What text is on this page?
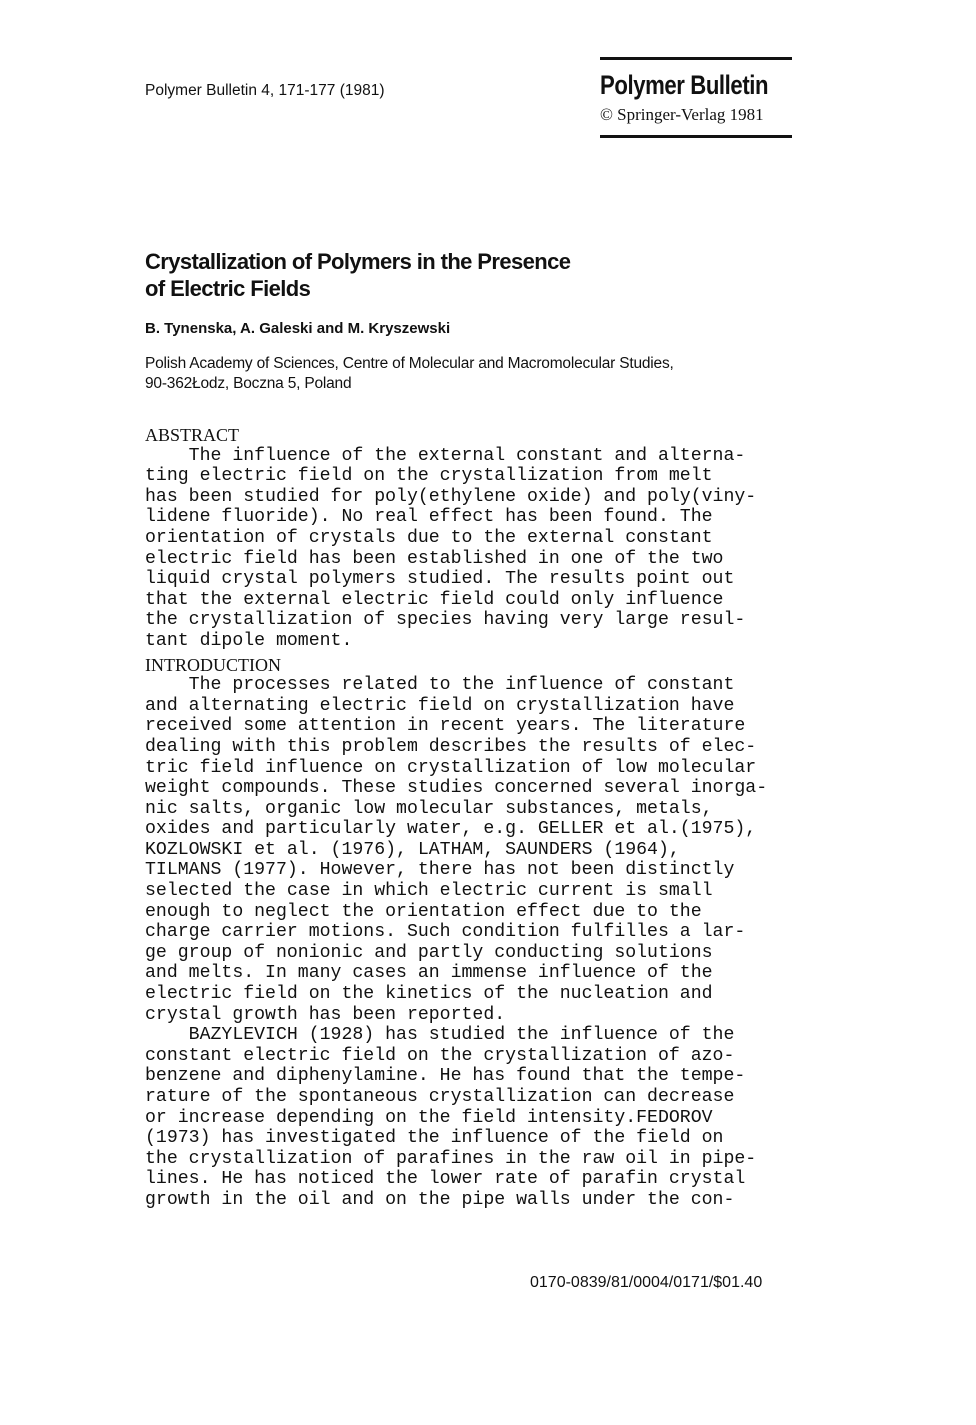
Polymer Bulletin 4, 171-177 (1981)	Polymer Bulletin
© Springer-Verlag 1981
Crystallization of Polymers in the Presence
of Electric Fields
B. Tynenska, A. Galeski and M. Kryszewski
Polish Academy of Sciences, Centre of Molecular and Macromolecular Studies,
90-362Łodz, Boczna 5, Poland
ABSTRACT
The influence of the external constant and alterna-
ting electric field on the crystallization from melt
has been studied for poly(ethylene oxide) and poly(viny-
lidene fluoride). No real effect has been found. The
orientation of crystals due to the external constant
electric field has been established in one of the two
liquid crystal polymers studied. The results point out
that the external electric field could only influence
the crystallization of species having very large resul-
tant dipole moment.
INTRODUCTION
The processes related to the influence of constant
and alternating electric field on crystallization have
received some attention in recent years. The literature
dealing with this problem describes the results of elec-
tric field influence on crystallization of low molecular
weight compounds. These studies concerned several inorga-
nic salts, organic low molecular substances, metals,
oxides and particularly water, e.g. GELLER et al.(1975),
KOZLOWSKI et al. (1976), LATHAM, SAUNDERS (1964),
TILMANS (1977). However, there has not been distinctly
selected the case in which electric current is small
enough to neglect the orientation effect due to the
charge carrier motions. Such condition fulfilles a lar-
ge group of nonionic and partly conducting solutions
and melts. In many cases an immense influence of the
electric field on the kinetics of the nucleation and
crystal growth has been reported.
BAZYLEVICH (1928) has studied the influence of the
constant electric field on the crystallization of azo-
benzene and diphenylamine. He has found that the tempe-
rature of the spontaneous crystallization can decrease
or increase depending on the field intensity.FEDOROV
(1973) has investigated the influence of the field on
the crystallization of parafines in the raw oil in pipe-
lines. He has noticed the lower rate of parafin crystal
growth in the oil and on the pipe walls under the con-
0170-0839/81/0004/0171/$01.40
